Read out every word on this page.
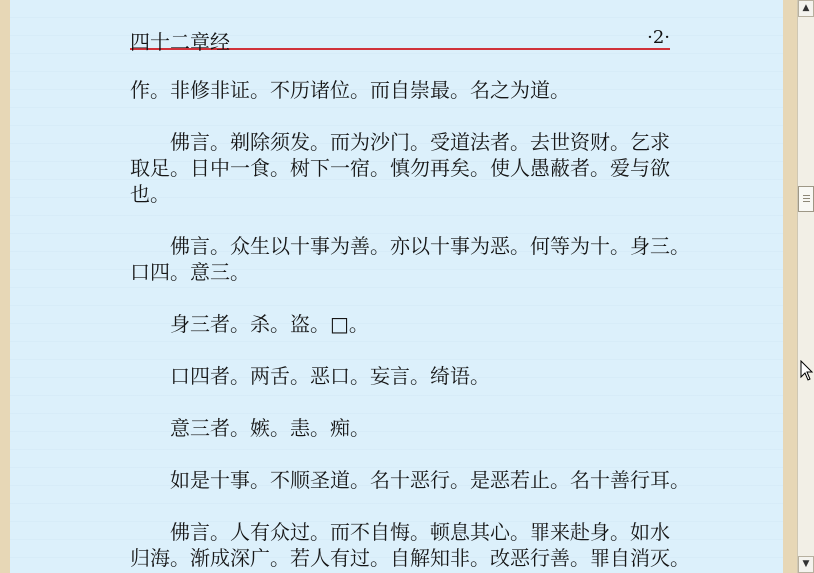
四十二章经	·2·

作。非修非证。不历诸位。而自崇最。名之为道。

佛言。剃除须发。而为沙门。受道法者。去世资财。乞求
取足。日中一食。树下一宿。慎勿再矣。使人愚蔽者。爱与欲
也。

佛言。众生以十事为善。亦以十事为恶。何等为十。身三。
口四。意三。

身三者。杀。盗。□。

口四者。两舌。恶口。妄言。绮语。

意三者。嫉。恚。痴。

如是十事。不顺圣道。名十恶行。是恶若止。名十善行耳。

佛言。人有众过。而不自悔。顿息其心。罪来赴身。如水
归海。渐成深广。若人有过。自解知非。改恶行善。罪自消灭。

▲
▼
